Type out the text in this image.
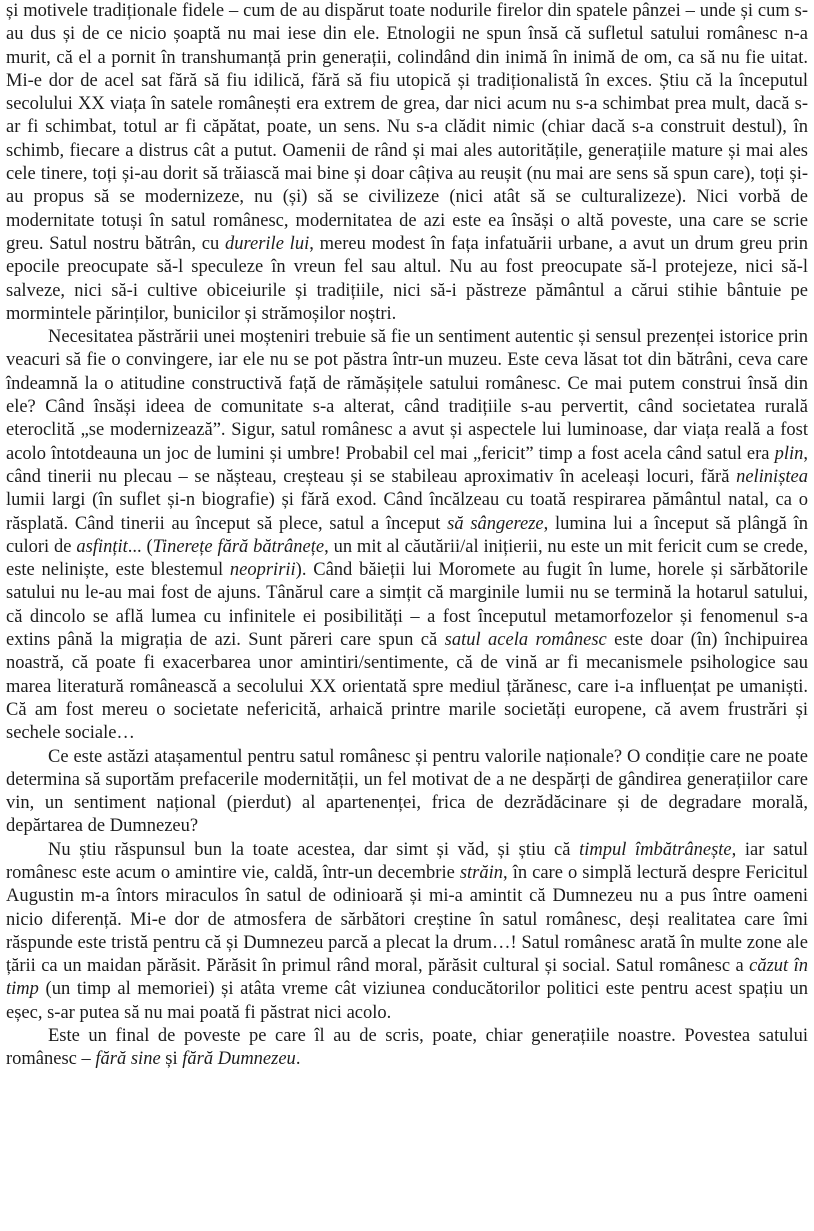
și motivele tradiționale fidele – cum de au dispărut toate nodurile firelor din spatele pânzei – unde și cum s-au dus și de ce nicio șoaptă nu mai iese din ele. Etnologii ne spun însă că sufletul satului românesc n-a murit, că el a pornit în transhumanță prin generații, colindând din inimă în inimă de om, ca să nu fie uitat. Mi-e dor de acel sat fără să fiu idilică, fără să fiu utopică și tradiționalistă în exces. Știu că la începutul secolului XX viața în satele românești era extrem de grea, dar nici acum nu s-a schimbat prea mult, dacă s-ar fi schimbat, totul ar fi căpătat, poate, un sens. Nu s-a clădit nimic (chiar dacă s-a construit destul), în schimb, fiecare a distrus cât a putut. Oamenii de rând și mai ales autoritățile, generațiile mature și mai ales cele tinere, toți și-au dorit să trăiască mai bine și doar câțiva au reușit (nu mai are sens să spun care), toți și-au propus să se modernizeze, nu (și) să se civilizeze (nici atât să se culturalizeze). Nici vorbă de modernitate totuși în satul românesc, modernitatea de azi este ea însăși o altă poveste, una care se scrie greu. Satul nostru bătrân, cu durerile lui, mereu modest în fața infatuării urbane, a avut un drum greu prin epocile preocupate să-l speculeze în vreun fel sau altul. Nu au fost preocupate să-l protejeze, nici să-l salveze, nici să-i cultive obiceiurile și tradițiile, nici să-i păstreze pământul a cărui stihie bântuie pe mormintele părinților, bunicilor și strămoșilor noștri.

Necesitatea păstrării unei moșteniri trebuie să fie un sentiment autentic și sensul prezenței istorice prin veacuri să fie o convingere, iar ele nu se pot păstra într-un muzeu. Este ceva lăsat tot din bătrâni, ceva care îndeamnă la o atitudine constructivă față de rămășițele satului românesc. Ce mai putem construi însă din ele? Când însăși ideea de comunitate s-a alterat, când tradițiile s-au pervertit, când societatea rurală eteroclită „se modernizează”. Sigur, satul românesc a avut și aspectele lui luminoase, dar viața reală a fost acolo întotdeauna un joc de lumini și umbre! Probabil cel mai „fericit” timp a fost acela când satul era plin, când tinerii nu plecau – se nășteau, creșteau și se stabileau aproximativ în aceleași locuri, fără neliniștea lumii largi (în suflet și-n biografie) și fără exod. Când încălzeau cu toată respirarea pământul natal, ca o răsplată. Când tinerii au început să plece, satul a început să sângereze, lumina lui a început să plângă în culori de asfințit... (Tinerețe fără bătrânețe, un mit al căutării/al inițierii, nu este un mit fericit cum se crede, este neliniște, este blestemul neopririi). Când băieții lui Moromete au fugit în lume, horele și sărbătorile satului nu le-au mai fost de ajuns. Tânărul care a simțit că marginile lumii nu se termină la hotarul satului, că dincolo se află lumea cu infinitele ei posibilități – a fost începutul metamorfozelor și fenomenul s-a extins până la migrația de azi. Sunt păreri care spun că satul acela românesc este doar (în) închipuirea noastră, că poate fi exacerbarea unor amintiri/sentimente, că de vină ar fi mecanismele psihologice sau marea literatură românească a secolului XX orientată spre mediul țărănesc, care i-a influențat pe umaniști. Că am fost mereu o societate nefericită, arhaică printre marile societăți europene, că avem frustrări și sechele sociale…

Ce este astăzi atașamentul pentru satul românesc și pentru valorile naționale? O condiție care ne poate determina să suportăm prefacerile modernității, un fel motivat de a ne despărți de gândirea generațiilor care vin, un sentiment național (pierdut) al apartenenței, frica de dezrădăcinare și de degradare morală, depărtarea de Dumnezeu?

Nu știu răspunsul bun la toate acestea, dar simt și văd, și știu că timpul îmbătrânește, iar satul românesc este acum o amintire vie, caldă, într-un decembrie străin, în care o simplă lectură despre Fericitul Augustin m-a întors miraculos în satul de odinioară și mi-a amintit că Dumnezeu nu a pus între oameni nicio diferență. Mi-e dor de atmosfera de sărbători creștine în satul românesc, deși realitatea care îmi răspunde este tristă pentru că și Dumnezeu parcă a plecat la drum…! Satul românesc arată în multe zone ale țării ca un maidan părăsit. Părăsit în primul rând moral, părăsit cultural și social. Satul românesc a căzut în timp (un timp al memoriei) și atâta vreme cât viziunea conducătorilor politici este pentru acest spațiu un eșec, s-ar putea să nu mai poată fi păstrat nici acolo.

Este un final de poveste pe care îl au de scris, poate, chiar generațiile noastre. Povestea satului românesc – fără sine și fără Dumnezeu.
